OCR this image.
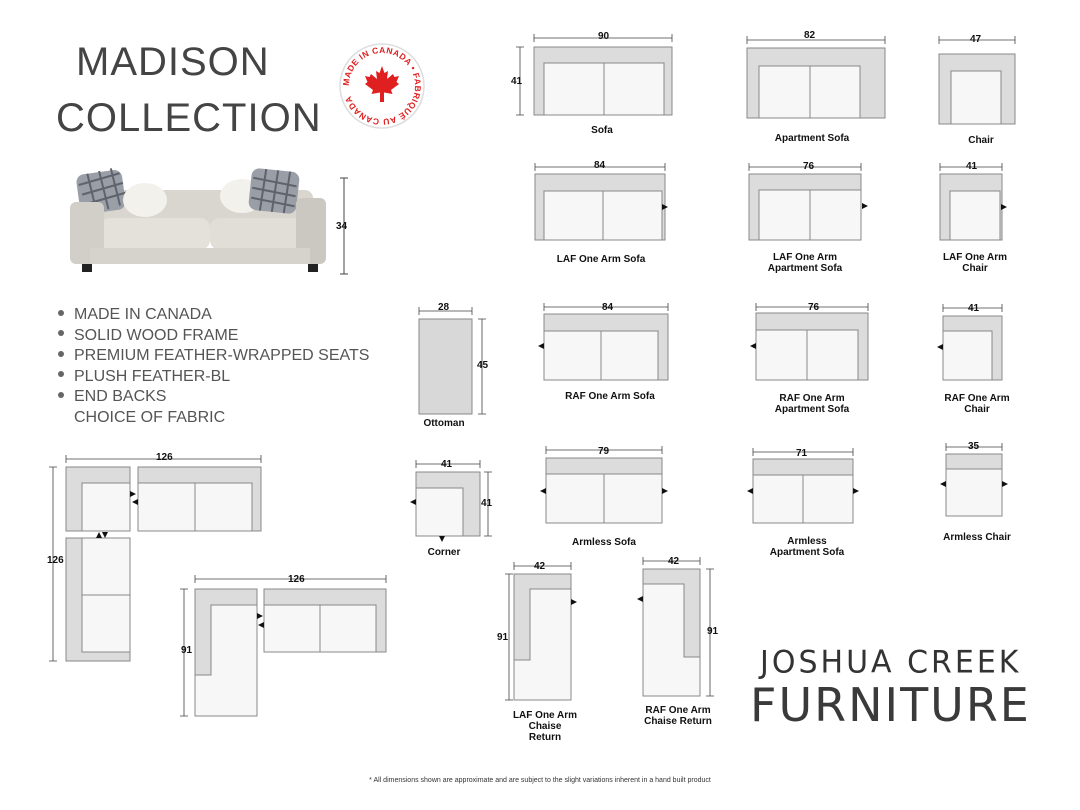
MADISON
COLLECTION
MADE IN CANADA • FABRIQUÉ AU CANADA
34
MADE IN CANADA
SOLID WOOD FRAME
PREMIUM FEATHER-WRAPPED SEATS
PLUSH FEATHER-BL
END BACKS
CHOICE OF FABRIC
90
41
82	47
84	76	41
28
45
84	76	41
41
41
79	71
35
126
126
126
91
42
91
42
91
Sofa
Apartment Sofa	Chair
LAF One Arm Sofa	LAF One Arm
Apartment Sofa
LAF One Arm
Chair
Ottoman
RAF One Arm Sofa	RAF One Arm
Apartment Sofa
RAF One Arm
Chair
Corner
Armless Sofa	Armless
Apartment Sofa
Armless Chair
LAF One Arm
Chaise
Return
RAF One Arm
Chaise Return
JOSHUA CREEK
FURNITURE
* All dimensions shown are approximate and are subject to the slight variations inherent in a hand built product
